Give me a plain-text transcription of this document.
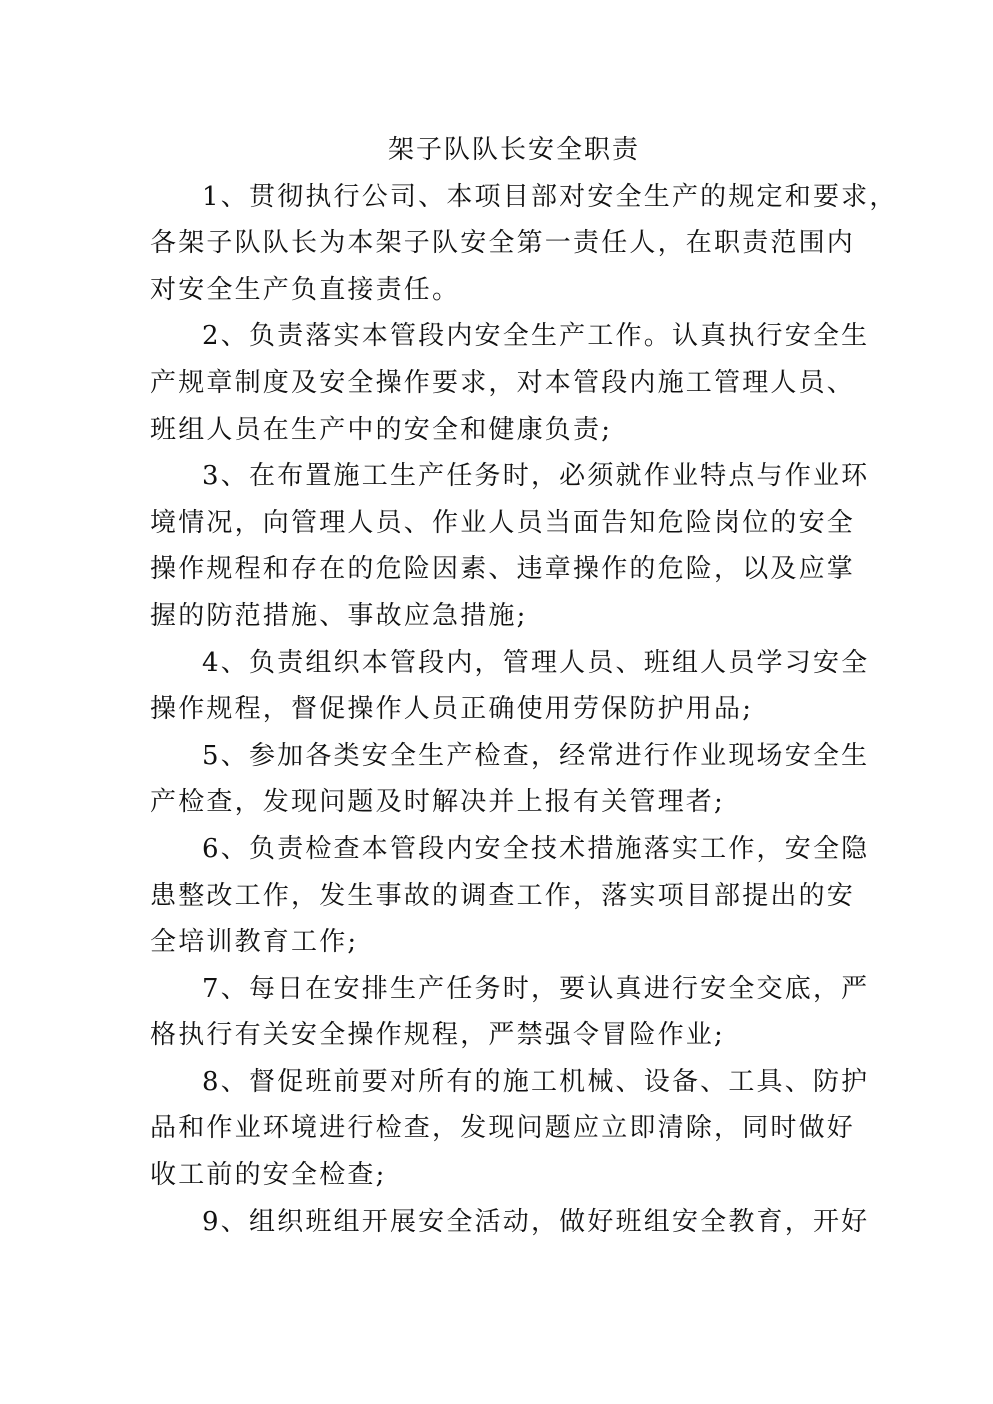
架子队队长安全职责
1、贯彻执行公司、本项目部对安全生产的规定和要求，
各架子队队长为本架子队安全第一责任人，在职责范围内
对安全生产负直接责任。
2、负责落实本管段内安全生产工作。认真执行安全生
产规章制度及安全操作要求，对本管段内施工管理人员、
班组人员在生产中的安全和健康负责;
3、在布置施工生产任务时，必须就作业特点与作业环
境情况，向管理人员、作业人员当面告知危险岗位的安全
操作规程和存在的危险因素、违章操作的危险，以及应掌
握的防范措施、事故应急措施;
4、负责组织本管段内，管理人员、班组人员学习安全
操作规程，督促操作人员正确使用劳保防护用品;
5、参加各类安全生产检查，经常进行作业现场安全生
产检查，发现问题及时解决并上报有关管理者;
6、负责检查本管段内安全技术措施落实工作，安全隐
患整改工作，发生事故的调查工作，落实项目部提出的安
全培训教育工作;
7、每日在安排生产任务时，要认真进行安全交底，严
格执行有关安全操作规程，严禁强令冒险作业;
8、督促班前要对所有的施工机械、设备、工具、防护
品和作业环境进行检查，发现问题应立即清除，同时做好
收工前的安全检查;
9、组织班组开展安全活动，做好班组安全教育，开好
